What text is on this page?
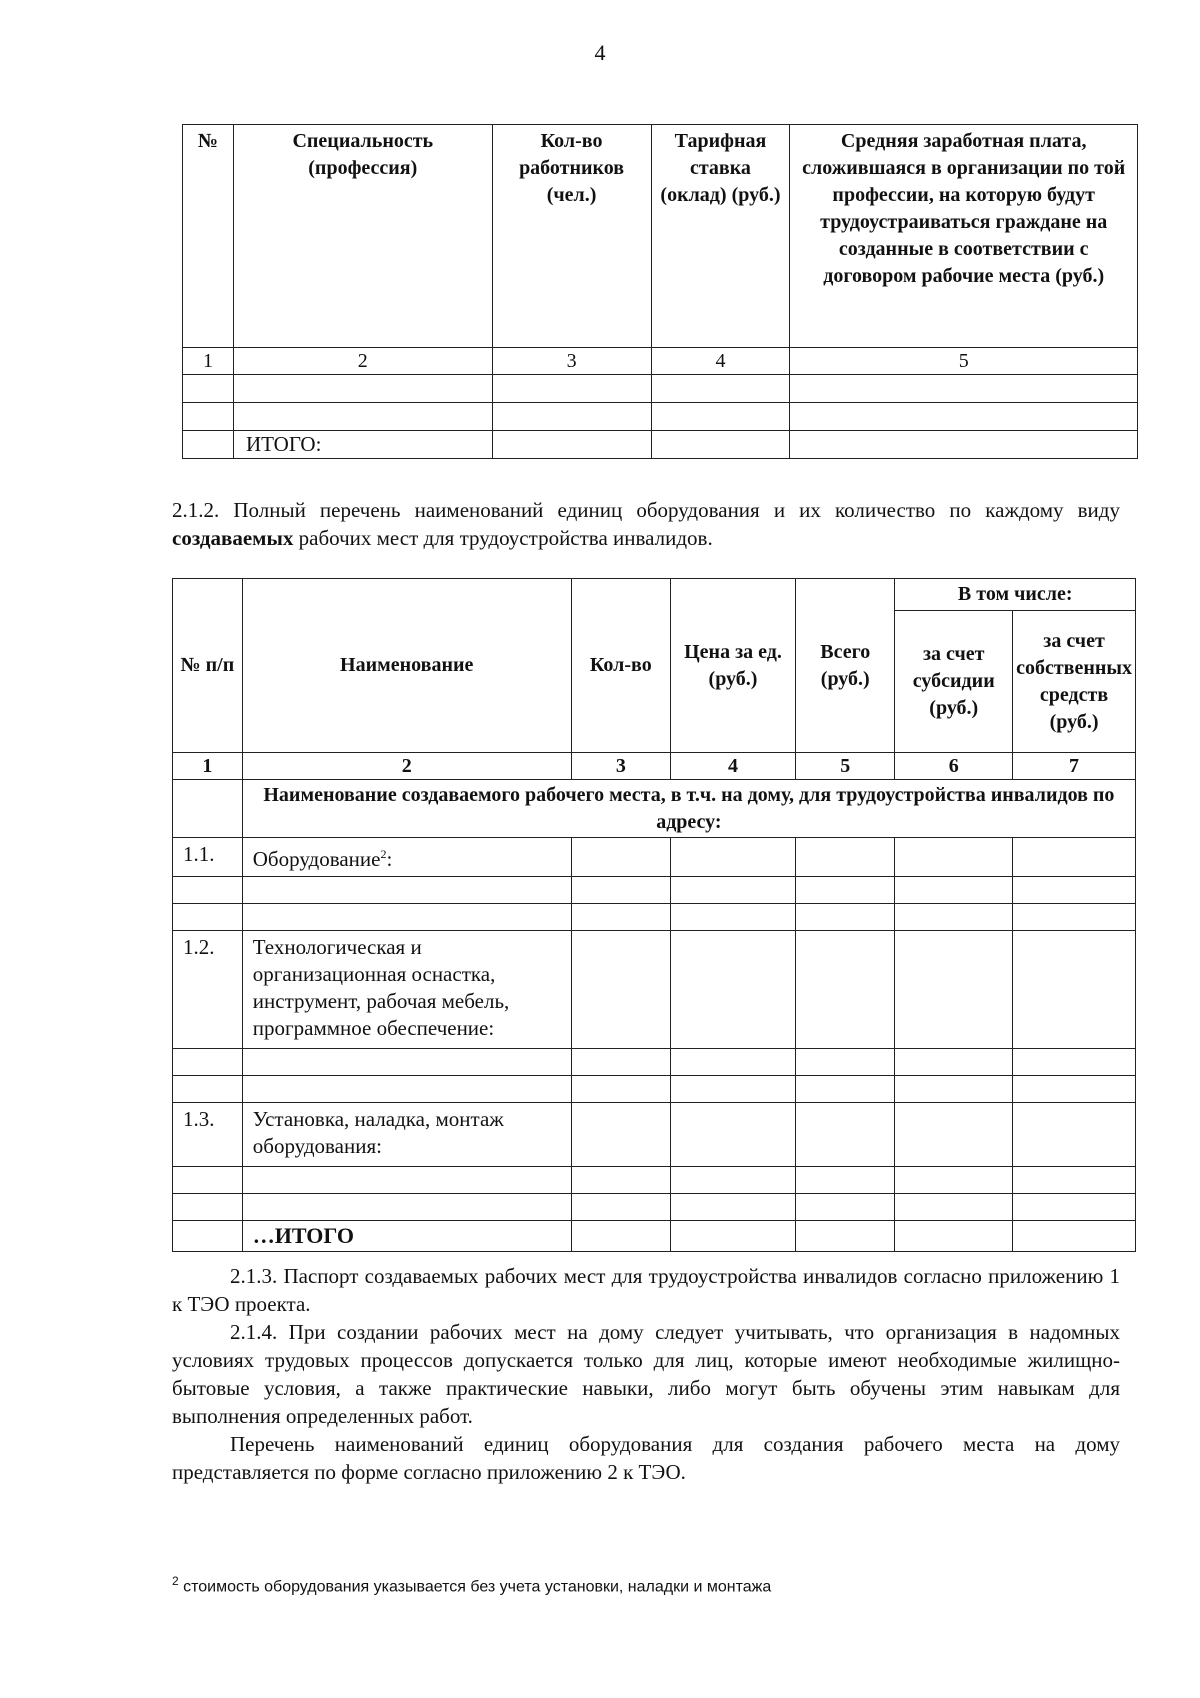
4
№	Специальность (профессия)	Кол-во работников (чел.)	Тарифная ставка (оклад) (руб.)	Средняя заработная плата, сложившаяся в организации по той профессии, на которую будут трудоустраиваться граждане на созданные в соответствии с договором рабочие места (руб.)
1	2	3	4	5

	ИТОГО:			
2.1.2. Полный перечень наименований единиц оборудования и их количество по каждому виду создаваемых рабочих мест для трудоустройства инвалидов.
№ п/п	Наименование	Кол-во	Цена за ед. (руб.)	Всего (руб.)	В том числе:	
					за счет субсидии (руб.)	за счет собственных средств (руб.)
1	2	3	4	5	6	7
	Наименование создаваемого рабочего места, в т.ч. на дому, для трудоустройства инвалидов по адресу:					
1.1.	Оборудование$^2$:					

1.2.	Технологическая и организационная оснастка, инструмент, рабочая мебель, программное обеспечение:					

1.3.	Установка, наладка, монтаж оборудования:					

	…ИТОГО					
2.1.3. Паспорт создаваемых рабочих мест для трудоустройства инвалидов согласно приложению 1 к ТЭО проекта.
2.1.4. При создании рабочих мест на дому следует учитывать, что организация в надомных условиях трудовых процессов допускается только для лиц, которые имеют необходимые жилищно-бытовые условия, а также практические навыки, либо могут быть обучены этим навыкам для выполнения определенных работ.
Перечень наименований единиц оборудования для создания рабочего места на дому представляется по форме согласно приложению 2 к ТЭО.
$^2$ стоимость оборудования указывается без учета установки, наладки и монтажа
